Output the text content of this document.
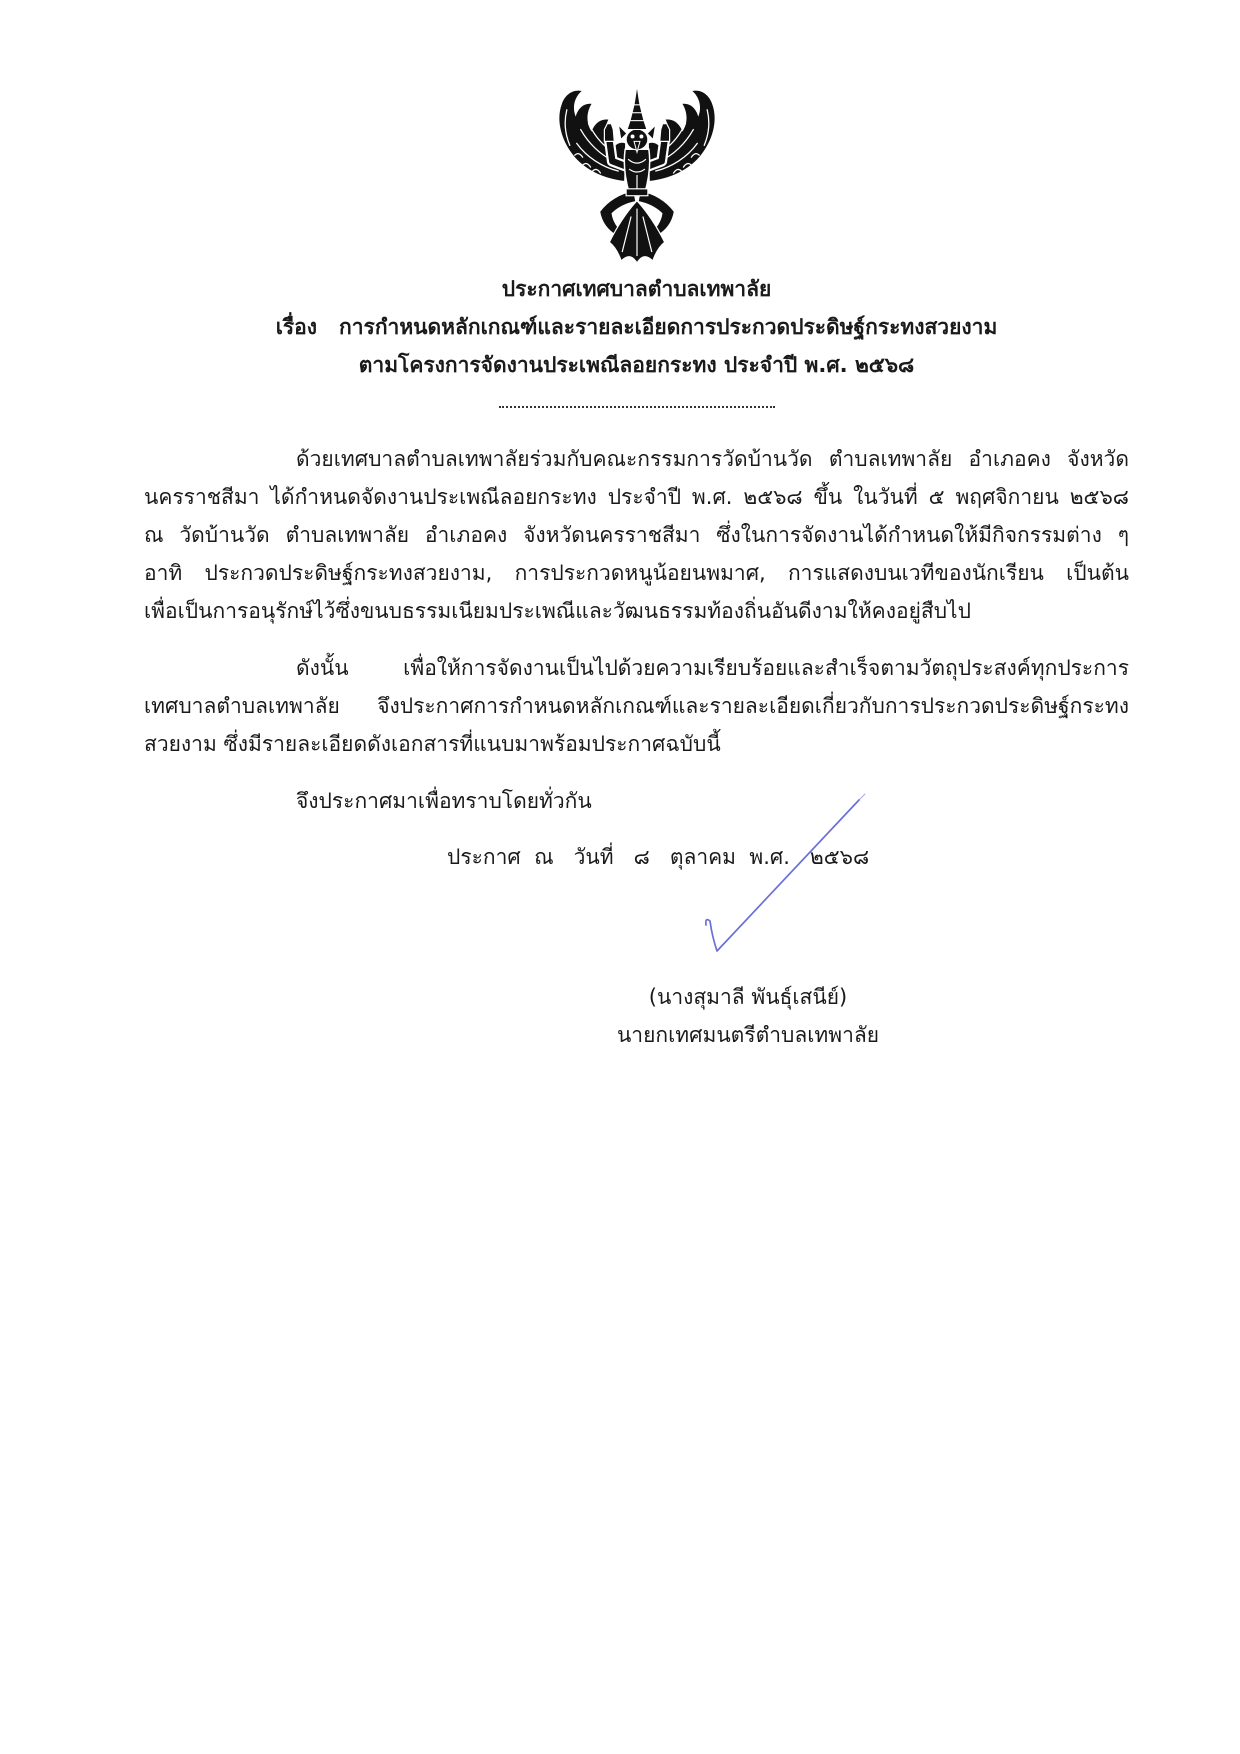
ประกาศเทศบาลตำบลเทพาลัย
เรื่อง การกำหนดหลักเกณฑ์และรายละเอียดการประกวดประดิษฐ์กระทงสวยงาม
ตามโครงการจัดงานประเพณีลอยกระทง ประจำปี พ.ศ. ๒๕๖๘
ด้วยเทศบาลตำบลเทพาลัยร่วมกับคณะกรรมการวัดบ้านวัด ตำบลเทพาลัย อำเภอคง จังหวัด
นครราชสีมา ได้กำหนดจัดงานประเพณีลอยกระทง ประจำปี พ.ศ. ๒๕๖๘ ขึ้น ในวันที่ ๕ พฤศจิกายน ๒๕๖๘
ณ วัดบ้านวัด ตำบลเทพาลัย อำเภอคง จังหวัดนครราชสีมา ซึ่งในการจัดงานได้กำหนดให้มีกิจกรรมต่าง ๆ
อาทิ ประกวดประดิษฐ์กระทงสวยงาม, การประกวดหนูน้อยนพมาศ, การแสดงบนเวทีของนักเรียน เป็นต้น
เพื่อเป็นการอนุรักษ์ไว้ซึ่งขนบธรรมเนียมประเพณีและวัฒนธรรมท้องถิ่นอันดีงามให้คงอยู่สืบไป
ดังนั้น เพื่อให้การจัดงานเป็นไปด้วยความเรียบร้อยและสำเร็จตามวัตถุประสงค์ทุกประการ
เทศบาลตำบลเทพาลัย จึงประกาศการกำหนดหลักเกณฑ์และรายละเอียดเกี่ยวกับการประกวดประดิษฐ์กระทง
สวยงาม ซึ่งมีรายละเอียดดังเอกสารที่แนบมาพร้อมประกาศฉบับนี้
จึงประกาศมาเพื่อทราบโดยทั่วกัน
ประกาศ  ณ   วันที่   ๘   ตุลาคม  พ.ศ.   ๒๕๖๘
(นางสุมาลี พันธุ์เสนีย์)
นายกเทศมนตรีตำบลเทพาลัย
